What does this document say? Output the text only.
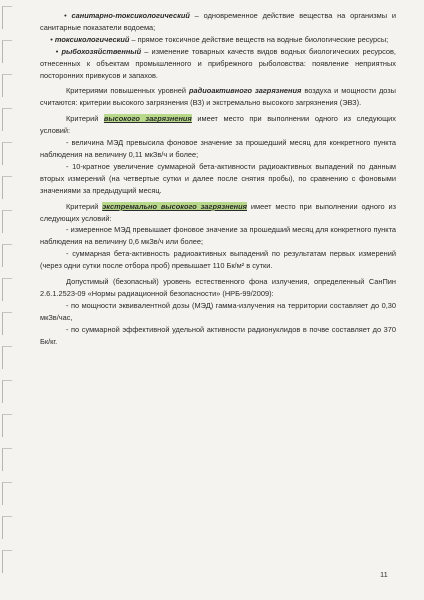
• санитарно-токсикологический – одновременное действие вещества на организмы и санитарные показатели водоема;

• токсикологический – прямое токсичное действие веществ на водные биологические ресурсы;

• рыбохозяйственный – изменение товарных качеств видов водных биологических ресурсов, отнесенных к объектам промышленного и прибрежного рыболовства: появление неприятных посторонних привкусов и запахов.

Критериями повышенных уровней радиоактивного загрязнения воздуха и мощности дозы считаются: критерии высокого загрязнения (ВЗ) и экстремально высокого загрязнения (ЭВЗ).

Критерий высокого загрязнения имеет место при выполнении одного из следующих условий:

- величина МЭД превысила фоновое значение за прошедший месяц для конкретного пункта наблюдения на величину 0,11 мкЗв/ч и более;

- 10-кратное увеличение суммарной бета-активности радиоактивных выпадений по данным вторых измерений (на четвертые сутки и далее после снятия пробы), по сравнению с фоновыми значениями за предыдущий месяц.

Критерий экстремально высокого загрязнения имеет место при выполнении одного из следующих условий:

- измеренное МЭД превышает фоновое значение за прошедший месяц для конкретного пункта наблюдения на величину 0,6 мкЗв/ч или более;

- суммарная бета-активность радиоактивных выпадений по результатам первых измерений (через одни сутки после отбора проб) превышает 110 Бк/м² в сутки.

Допустимый (безопасный) уровень естественного фона излучения, определенный СанПин 2.6.1.2523-09 «Нормы радиационной безопасности» (НРБ-99/2009):

- по мощности эквивалентной дозы (МЭД) гамма-излучения на территории составляет до 0,30 мкЗв/час,

- по суммарной эффективной удельной активности радионуклидов в почве составляет до 370 Бк/кг.

11
